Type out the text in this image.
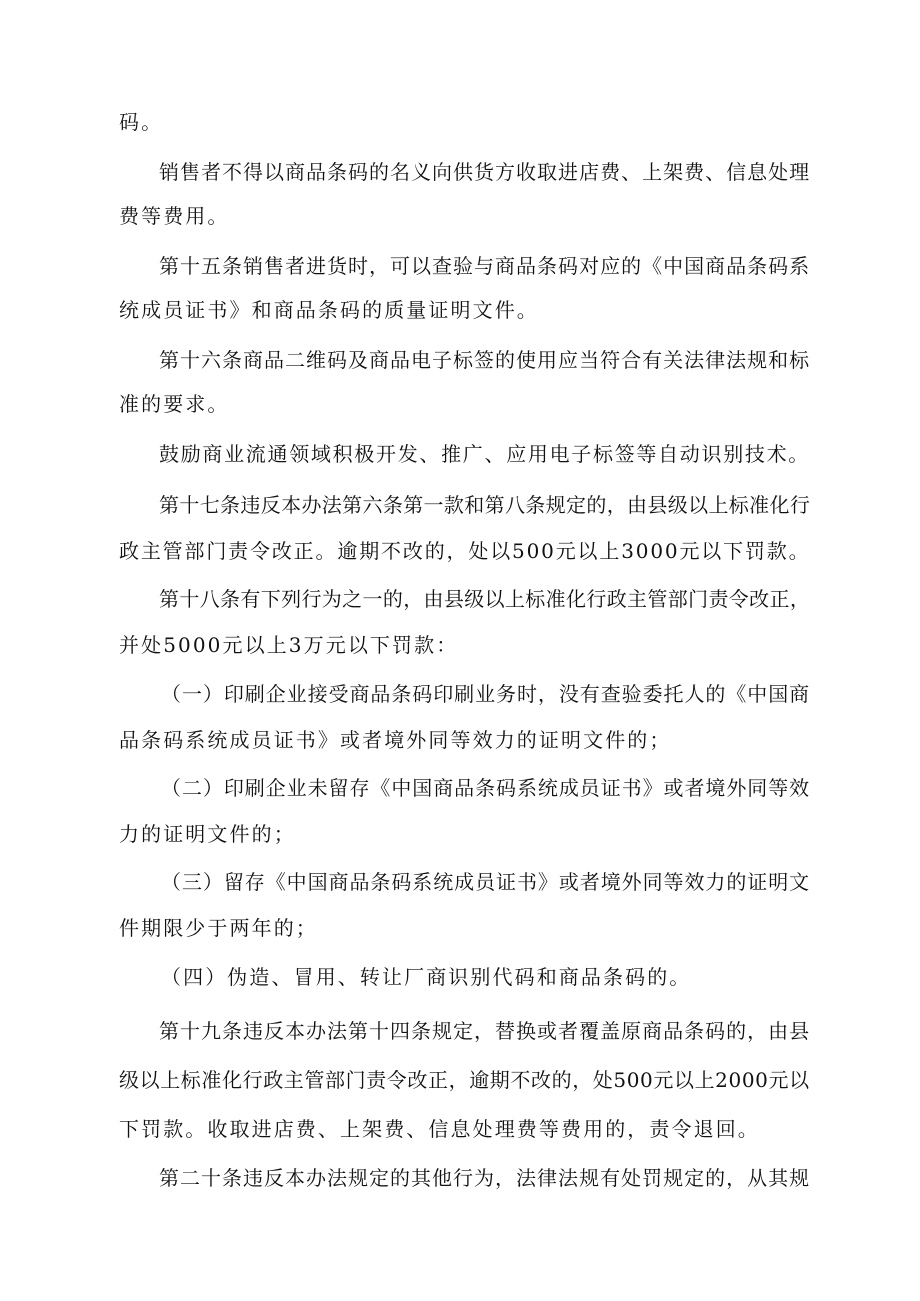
码。
销售者不得以商品条码的名义向供货方收取进店费、上架费、信息处理
费等费用。
第十五条销售者进货时，可以查验与商品条码对应的《中国商品条码系
统成员证书》和商品条码的质量证明文件。
第十六条商品二维码及商品电子标签的使用应当符合有关法律法规和标
准的要求。
鼓励商业流通领域积极开发、推广、应用电子标签等自动识别技术。
第十七条违反本办法第六条第一款和第八条规定的，由县级以上标准化行
政主管部门责令改正。逾期不改的，处以500元以上3000元以下罚款。
第十八条有下列行为之一的，由县级以上标准化行政主管部门责令改正，
并处5000元以上3万元以下罚款：
（一）印刷企业接受商品条码印刷业务时，没有查验委托人的《中国商
品条码系统成员证书》或者境外同等效力的证明文件的；
（二）印刷企业未留存《中国商品条码系统成员证书》或者境外同等效
力的证明文件的；
（三）留存《中国商品条码系统成员证书》或者境外同等效力的证明文
件期限少于两年的；
（四）伪造、冒用、转让厂商识别代码和商品条码的。
第十九条违反本办法第十四条规定，替换或者覆盖原商品条码的，由县
级以上标准化行政主管部门责令改正，逾期不改的，处500元以上2000元以
下罚款。收取进店费、上架费、信息处理费等费用的，责令退回。
第二十条违反本办法规定的其他行为，法律法规有处罚规定的，从其规
